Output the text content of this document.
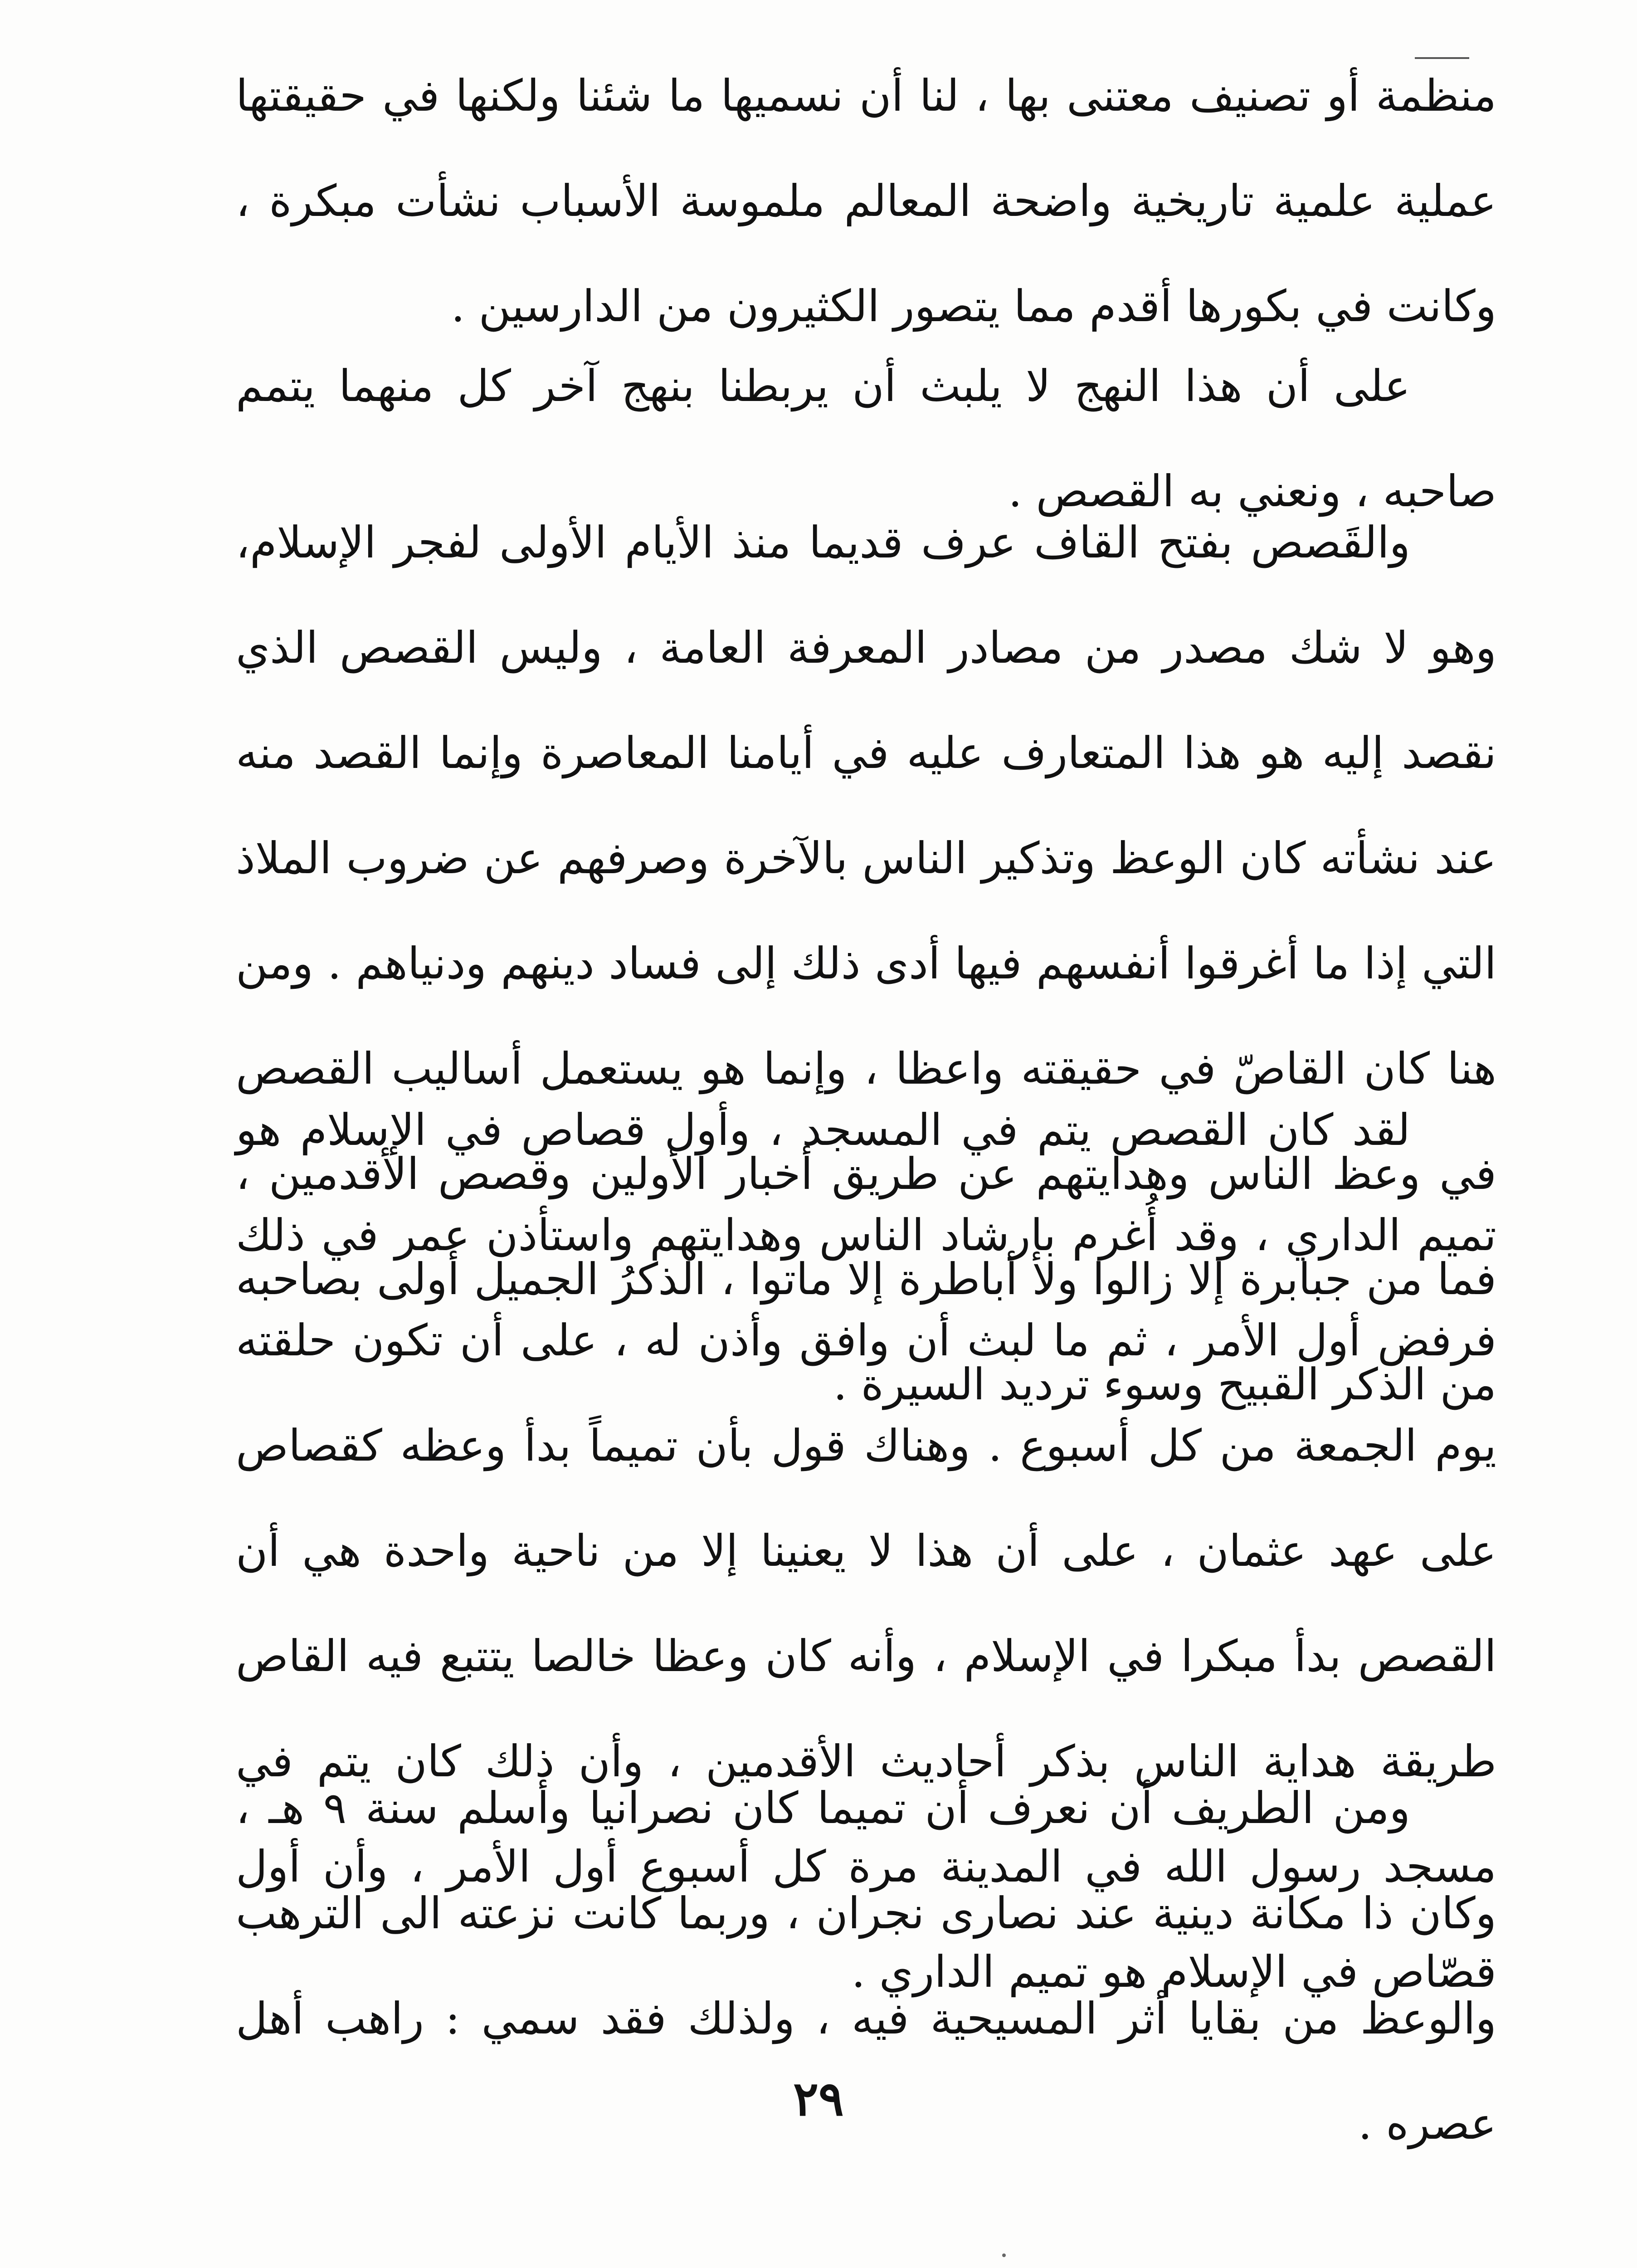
منظمة أو تصنيف معتنى بها ، لنا أن نسميها ما شئنا ولكنها في حقيقتها عملية علمية تاريخية واضحة المعالم ملموسة الأسباب نشأت مبكرة ، وكانت في بكورها أقدم مما يتصور الكثيرون من الدارسين .

على أن هذا النهج لا يلبث أن يربطنا بنهج آخر كل منهما يتمم صاحبه ، ونعني به القصص .

والقَصص بفتح القاف عرف قديما منذ الأيام الأولى لفجر الإسلام، وهو لا شك مصدر من مصادر المعرفة العامة ، وليس القصص الذي نقصد إليه هو هذا المتعارف عليه في أيامنا المعاصرة وإنما القصد منه عند نشأته كان الوعظ وتذكير الناس بالآخرة وصرفهم عن ضروب الملاذ التي إذا ما أغرقوا أنفسهم فيها أدى ذلك إلى فساد دينهم ودنياهم . ومن هنا كان القاصّ في حقيقته واعظا ، وإنما هو يستعمل أساليب القصص في وعظ الناس وهدايتهم عن طريق أخبار الأولين وقصص الأقدمين ، فما من جبابرة إلا زالوا ولا أباطرة إلا ماتوا ، الذكرُ الجميل أولى بصاحبه من الذكر القبيح وسوء ترديد السيرة .

لقد كان القصص يتم في المسجد ، وأول قصاص في الإسلام هو تميم الداري ، وقد أُغرم بإرشاد الناس وهدايتهم واستأذن عمر في ذلك فرفض أول الأمر ، ثم ما لبث أن وافق وأذن له ، على أن تكون حلقته يوم الجمعة من كل أسبوع . وهناك قول بأن تميماً بدأ وعظه كقصاص على عهد عثمان ، على أن هذا لا يعنينا إلا من ناحية واحدة هي أن القصص بدأ مبكرا في الإسلام ، وأنه كان وعظا خالصا يتتبع فيه القاص طريقة هداية الناس بذكر أحاديث الأقدمين ، وأن ذلك كان يتم في مسجد رسول الله في المدينة مرة كل أسبوع أول الأمر ، وأن أول قصّاص في الإسلام هو تميم الداري .

ومن الطريف أن نعرف أن تميما كان نصرانيا وأسلم سنة ٩ هـ ، وكان ذا مكانة دينية عند نصارى نجران ، وربما كانت نزعته الى الترهب والوعظ من بقايا أثر المسيحية فيه ، ولذلك فقد سمي : راهب أهل عصره .

٢٩
